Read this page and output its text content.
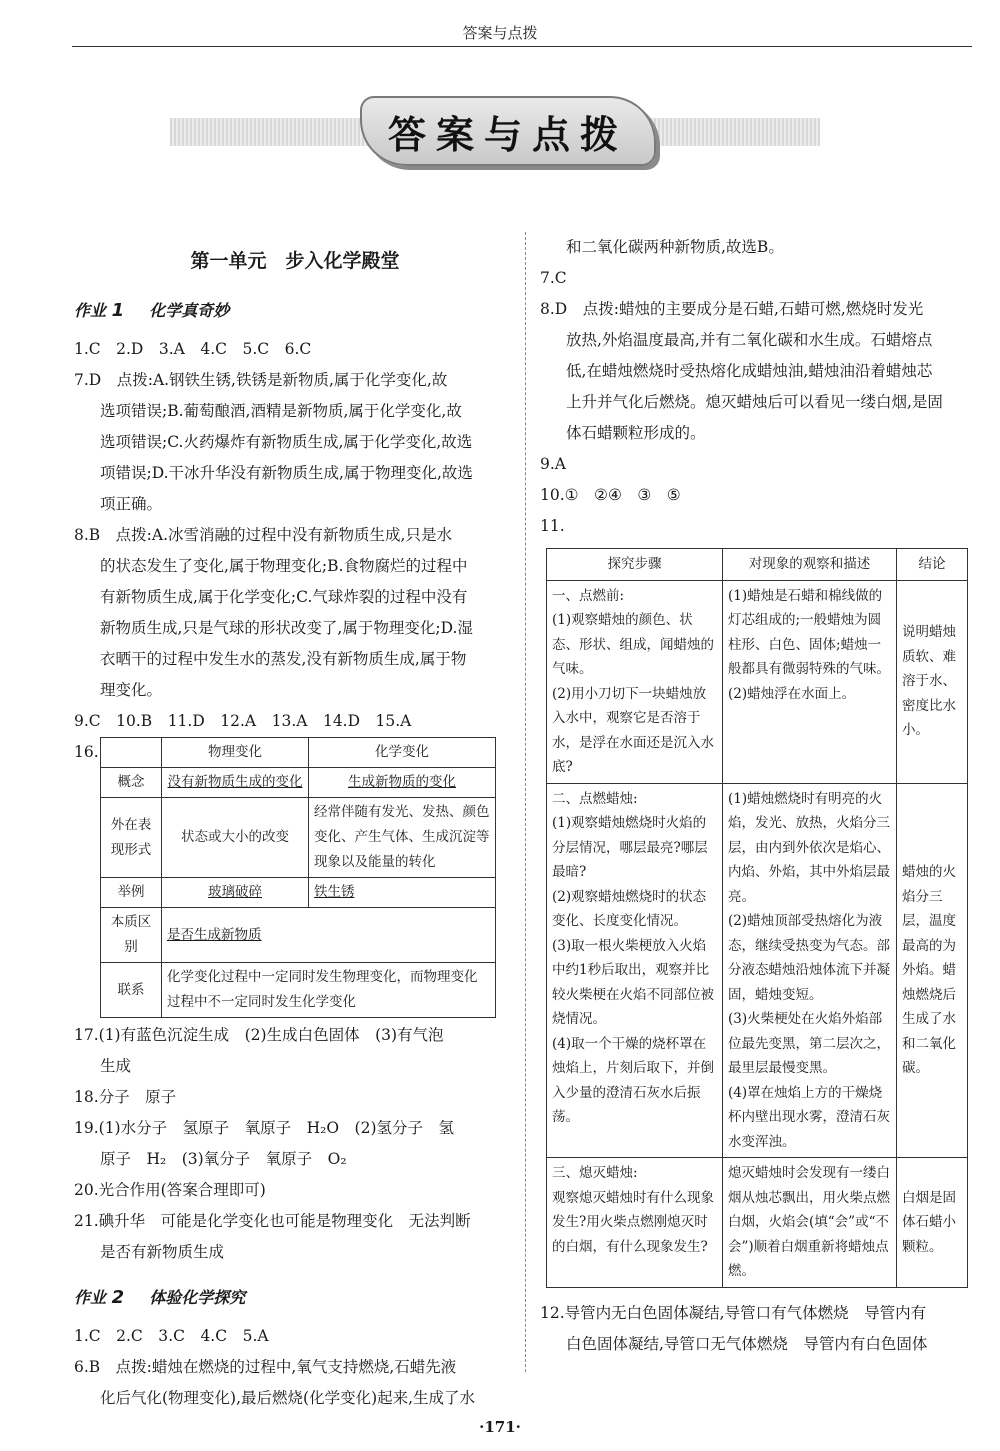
答案与点拨
答案与点拨
第一单元　步入化学殿堂
作业 1 化学真奇妙

1.C　2.D　3.A　4.C　5.C　6.C

7.D　点拨:A.钢铁生锈,铁锈是新物质,属于化学变化,故

选项错误;B.葡萄酿酒,酒精是新物质,属于化学变化,故

选项错误;C.火药爆炸有新物质生成,属于化学变化,故选

项错误;D.干冰升华没有新物质生成,属于物理变化,故选

项正确。

8.B　点拨:A.冰雪消融的过程中没有新物质生成,只是水

的状态发生了变化,属于物理变化;B.食物腐烂的过程中

有新物质生成,属于化学变化;C.气球炸裂的过程中没有

新物质生成,只是气球的形状改变了,属于物理变化;D.湿

衣晒干的过程中发生水的蒸发,没有新物质生成,属于物

理变化。

9.C　10.B　11.D　12.A　13.A　14.D　15.A

16.
		物理变化	化学变化
概念	没有新物质生成的变化	生成新物质的变化
外在表现形式	状态或大小的改变	经常伴随有发光、发热、颜色变化、产生气体、生成沉淀等现象以及能量的转化
举例	玻璃破碎	铁生锈
本质区别	是否生成新物质	
联系	化学变化过程中一定同时发生物理变化，而物理变化过程中不一定同时发生化学变化	

17.(1)有蓝色沉淀生成　(2)生成白色固体　(3)有气泡

生成

18.分子　原子

19.(1)水分子　氢原子　氧原子　H₂O　(2)氢分子　氢

原子　H₂　(3)氧分子　氧原子　O₂

20.光合作用(答案合理即可)

21.碘升华　可能是化学变化也可能是物理变化　无法判断

是否有新物质生成

作业 2 体验化学探究

1.C　2.C　3.C　4.C　5.A

6.B　点拨:蜡烛在燃烧的过程中,氧气支持燃烧,石蜡先液

化后气化(物理变化),最后燃烧(化学变化)起来,生成了水

和二氧化碳两种新物质,故选B。

7.C

8.D　点拨:蜡烛的主要成分是石蜡,石蜡可燃,燃烧时发光

放热,外焰温度最高,并有二氧化碳和水生成。石蜡熔点

低,在蜡烛燃烧时受热熔化成蜡烛油,蜡烛油沿着蜡烛芯

上升并气化后燃烧。熄灭蜡烛后可以看见一缕白烟,是固

体石蜡颗粒形成的。

9.A

10.①　②④　③　⑤

11.

探究步骤	对现象的观察和描述	结论
一、点燃前:
(1)观察蜡烛的颜色、状态、形状、组成，闻蜡烛的气味。
(2)用小刀切下一块蜡烛放入水中，观察它是否溶于水，是浮在水面还是沉入水底?	(1)蜡烛是石蜡和棉线做的灯芯组成的;一般蜡烛为圆柱形、白色、固体;蜡烛一般都具有微弱特殊的气味。
(2)蜡烛浮在水面上。	说明蜡烛质软、难溶于水、密度比水小。
二、点燃蜡烛:
(1)观察蜡烛燃烧时火焰的分层情况，哪层最亮?哪层最暗?
(2)观察蜡烛燃烧时的状态变化、长度变化情况。
(3)取一根火柴梗放入火焰中约1秒后取出，观察并比较火柴梗在火焰不同部位被烧情况。
(4)取一个干燥的烧杯罩在烛焰上，片刻后取下，并倒入少量的澄清石灰水后振荡。	(1)蜡烛燃烧时有明亮的火焰，发光、放热，火焰分三层，由内到外依次是焰心、内焰、外焰，其中外焰层最亮。
(2)蜡烛顶部受热熔化为液态，继续受热变为气态。部分液态蜡烛沿烛体流下并凝固，蜡烛变短。
(3)火柴梗处在火焰外焰部位最先变黑，第二层次之，最里层最慢变黑。
(4)罩在烛焰上方的干燥烧杯内壁出现水雾，澄清石灰水变浑浊。	蜡烛的火焰分三层，温度最高的为外焰。蜡烛燃烧后生成了水和二氧化碳。
三、熄灭蜡烛:
观察熄灭蜡烛时有什么现象发生?用火柴点燃刚熄灭时的白烟，有什么现象发生?	熄灭蜡烛时会发现有一缕白烟从烛芯飘出，用火柴点燃白烟，火焰会(填“会”或“不会”)顺着白烟重新将蜡烛点燃。	白烟是固体石蜡小颗粒。

12.导管内无白色固体凝结,导管口有气体燃烧　导管内有

白色固体凝结,导管口无气体燃烧　导管内有白色固体

·171·
